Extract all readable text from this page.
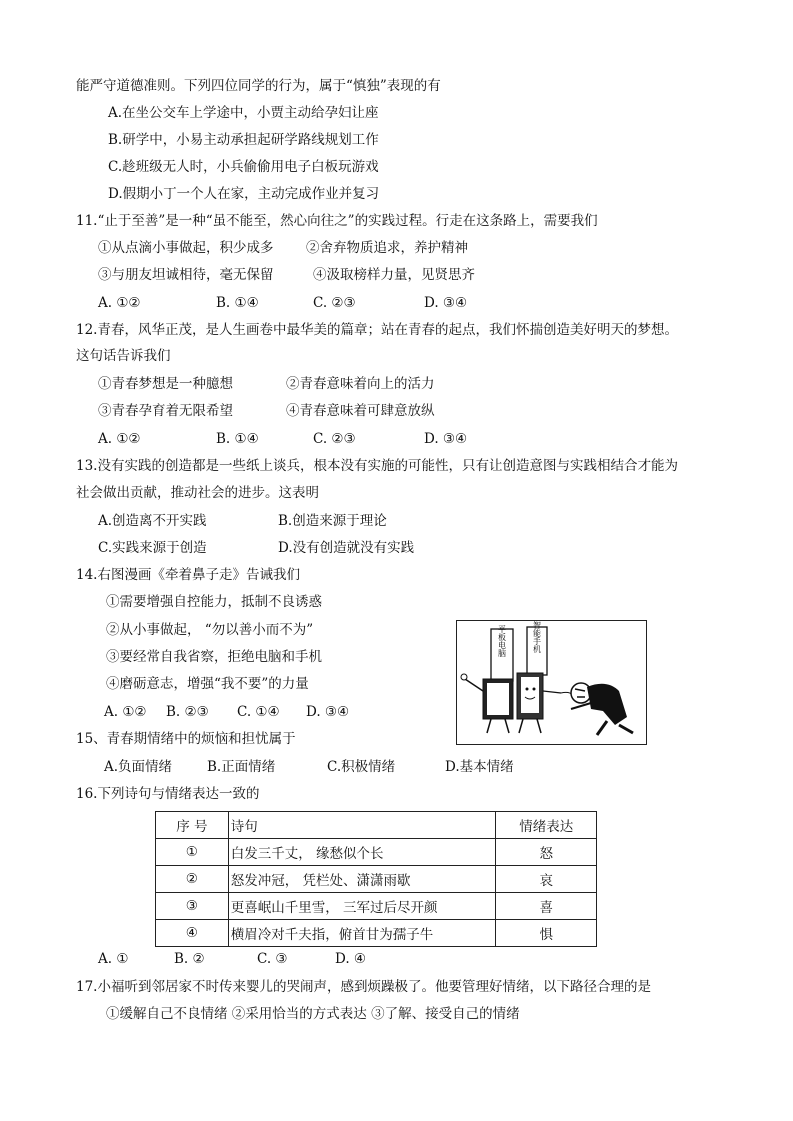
能严守道德准则。下列四位同学的行为，属于“慎独”表现的有
A.在坐公交车上学途中，小贾主动给孕妇让座
B.研学中，小易主动承担起研学路线规划工作
C.趁班级无人时，小兵偷偷用电子白板玩游戏
D.假期小丁一个人在家，主动完成作业并复习
11.“止于至善”是一种“虽不能至，然心向往之”的实践过程。行走在这条路上，需要我们
①从点滴小事做起，积少成多 ②舍弃物质追求，养护精神
③与朋友坦诚相待，毫无保留	④汲取榜样力量，见贤思齐
A. ①②	B. ①④	C. ②③	D. ③④
12.青春，风华正茂，是人生画卷中最华美的篇章；站在青春的起点，我们怀揣创造美好明天的梦想。
这句话告诉我们
①青春梦想是一种臆想	②青春意味着向上的活力
③青春孕育着无限希望	④青春意味着可肆意放纵
A. ①②	B. ①④	C. ②③	D. ③④
13.没有实践的创造都是一些纸上谈兵，根本没有实施的可能性，只有让创造意图与实践相结合才能为
社会做出贡献，推动社会的进步。这表明
A.创造离不开实践	B.创造来源于理论
C.实践来源于创造	D.没有创造就没有实践
14.右图漫画《牵着鼻子走》告诫我们
①需要增强自控能力，抵制不良诱惑
②从小事做起， “勿以善小而不为”
③要经常自我省察，拒绝电脑和手机
④磨砺意志，增强“我不要”的力量
A. ①② B. ②③ C. ①④ D. ③④
平板电脑	智能手机
15、青春期情绪中的烦恼和担忧属于
A.负面情绪	B.正面情绪	C.积极情绪	D.基本情绪
16.下列诗句与情绪表达一致的
序 号	诗句	情绪表达
①	白发三千丈， 缘愁似个长	怒
②	怒发冲冠， 凭栏处、潇潇雨歇	哀
③	更喜岷山千里雪， 三军过后尽开颜	喜
④	横眉冷对千夫指，俯首甘为孺子牛	惧
A. ①	B. ②	C. ③	D. ④
17.小福听到邻居家不时传来婴儿的哭闹声，感到烦躁极了。他要管理好情绪，以下路径合理的是
①缓解自己不良情绪 ②采用恰当的方式表达 ③了解、接受自己的情绪
